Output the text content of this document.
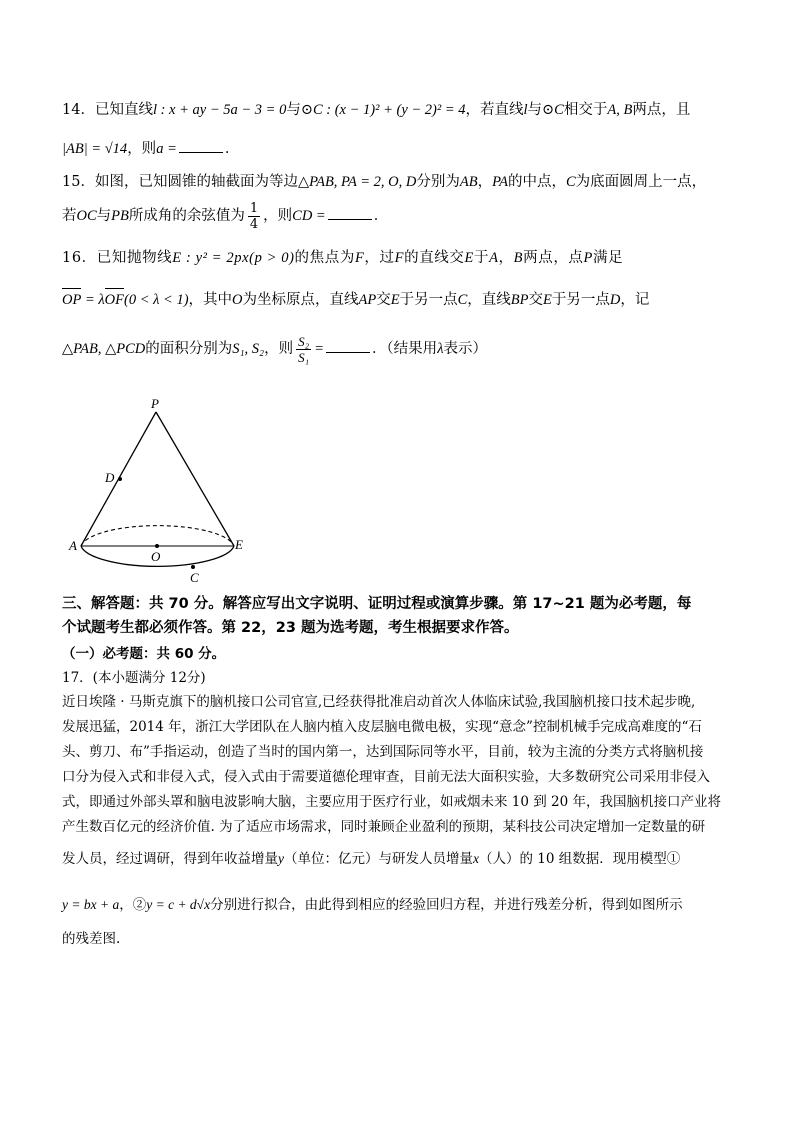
14．已知直线l : x + ay − 5a − 3 = 0与⊙C : (x − 1)² + (y − 2)² = 4，若直线l与⊙C相交于A, B两点，且
|AB| = √14，则a =	．
15．如图，已知圆锥的轴截面为等边△PAB, PA = 2, O, D分别为AB，PA的中点，C为底面圆周上一点，
若OC与PB所成角的余弦值为 $\frac{1}{4}$ ，则CD =	．
16．已知抛物线E : y² = 2px(p > 0)的焦点为F，过F的直线交E于A，B两点，点P满足
OP = λOF(0 < λ < 1)，其中O为坐标原点，直线AP交E于另一点C，直线BP交E于另一点D，记
△PAB, △PCD的面积分别为S₁, S₂，则 $\frac{\text{S₂}}{\text{S₁}}$ =	．（结果用λ表示）
P
D
A
O
E
C
三、解答题：共 70 分。解答应写出文字说明、证明过程或演算步骤。第 17~21 题为必考题，每
个试题考生都必须作答。第 22，23 题为选考题，考生根据要求作答。
（一）必考题：共 60 分。
17．(本小题满分 12分)
近日埃隆 · 马斯克旗下的脑机接口公司官宣,已经获得批准启动首次人体临床试验,我国脑机接口技术起步晚,
发展迅猛，2014 年，浙江大学团队在人脑内植入皮层脑电微电极，实现“意念”控制机械手完成高难度的“石
头、剪刀、布”手指运动，创造了当时的国内第一，达到国际同等水平，目前，较为主流的分类方式将脑机接
口分为侵入式和非侵入式，侵入式由于需要道德伦理审查，目前无法大面积实验，大多数研究公司采用非侵入
式，即通过外部头罩和脑电波影响大脑，主要应用于医疗行业，如戒烟未来 10 到 20 年，我国脑机接口产业将
产生数百亿元的经济价值. 为了适应市场需求，同时兼顾企业盈利的预期，某科技公司决定增加一定数量的研
发人员，经过调研，得到年收益增量y（单位：亿元）与研发人员增量x（人）的 10 组数据．现用模型①
y = bx + a，②y = c + d√x分别进行拟合，由此得到相应的经验回归方程，并进行残差分析，得到如图所示
的残差图.
